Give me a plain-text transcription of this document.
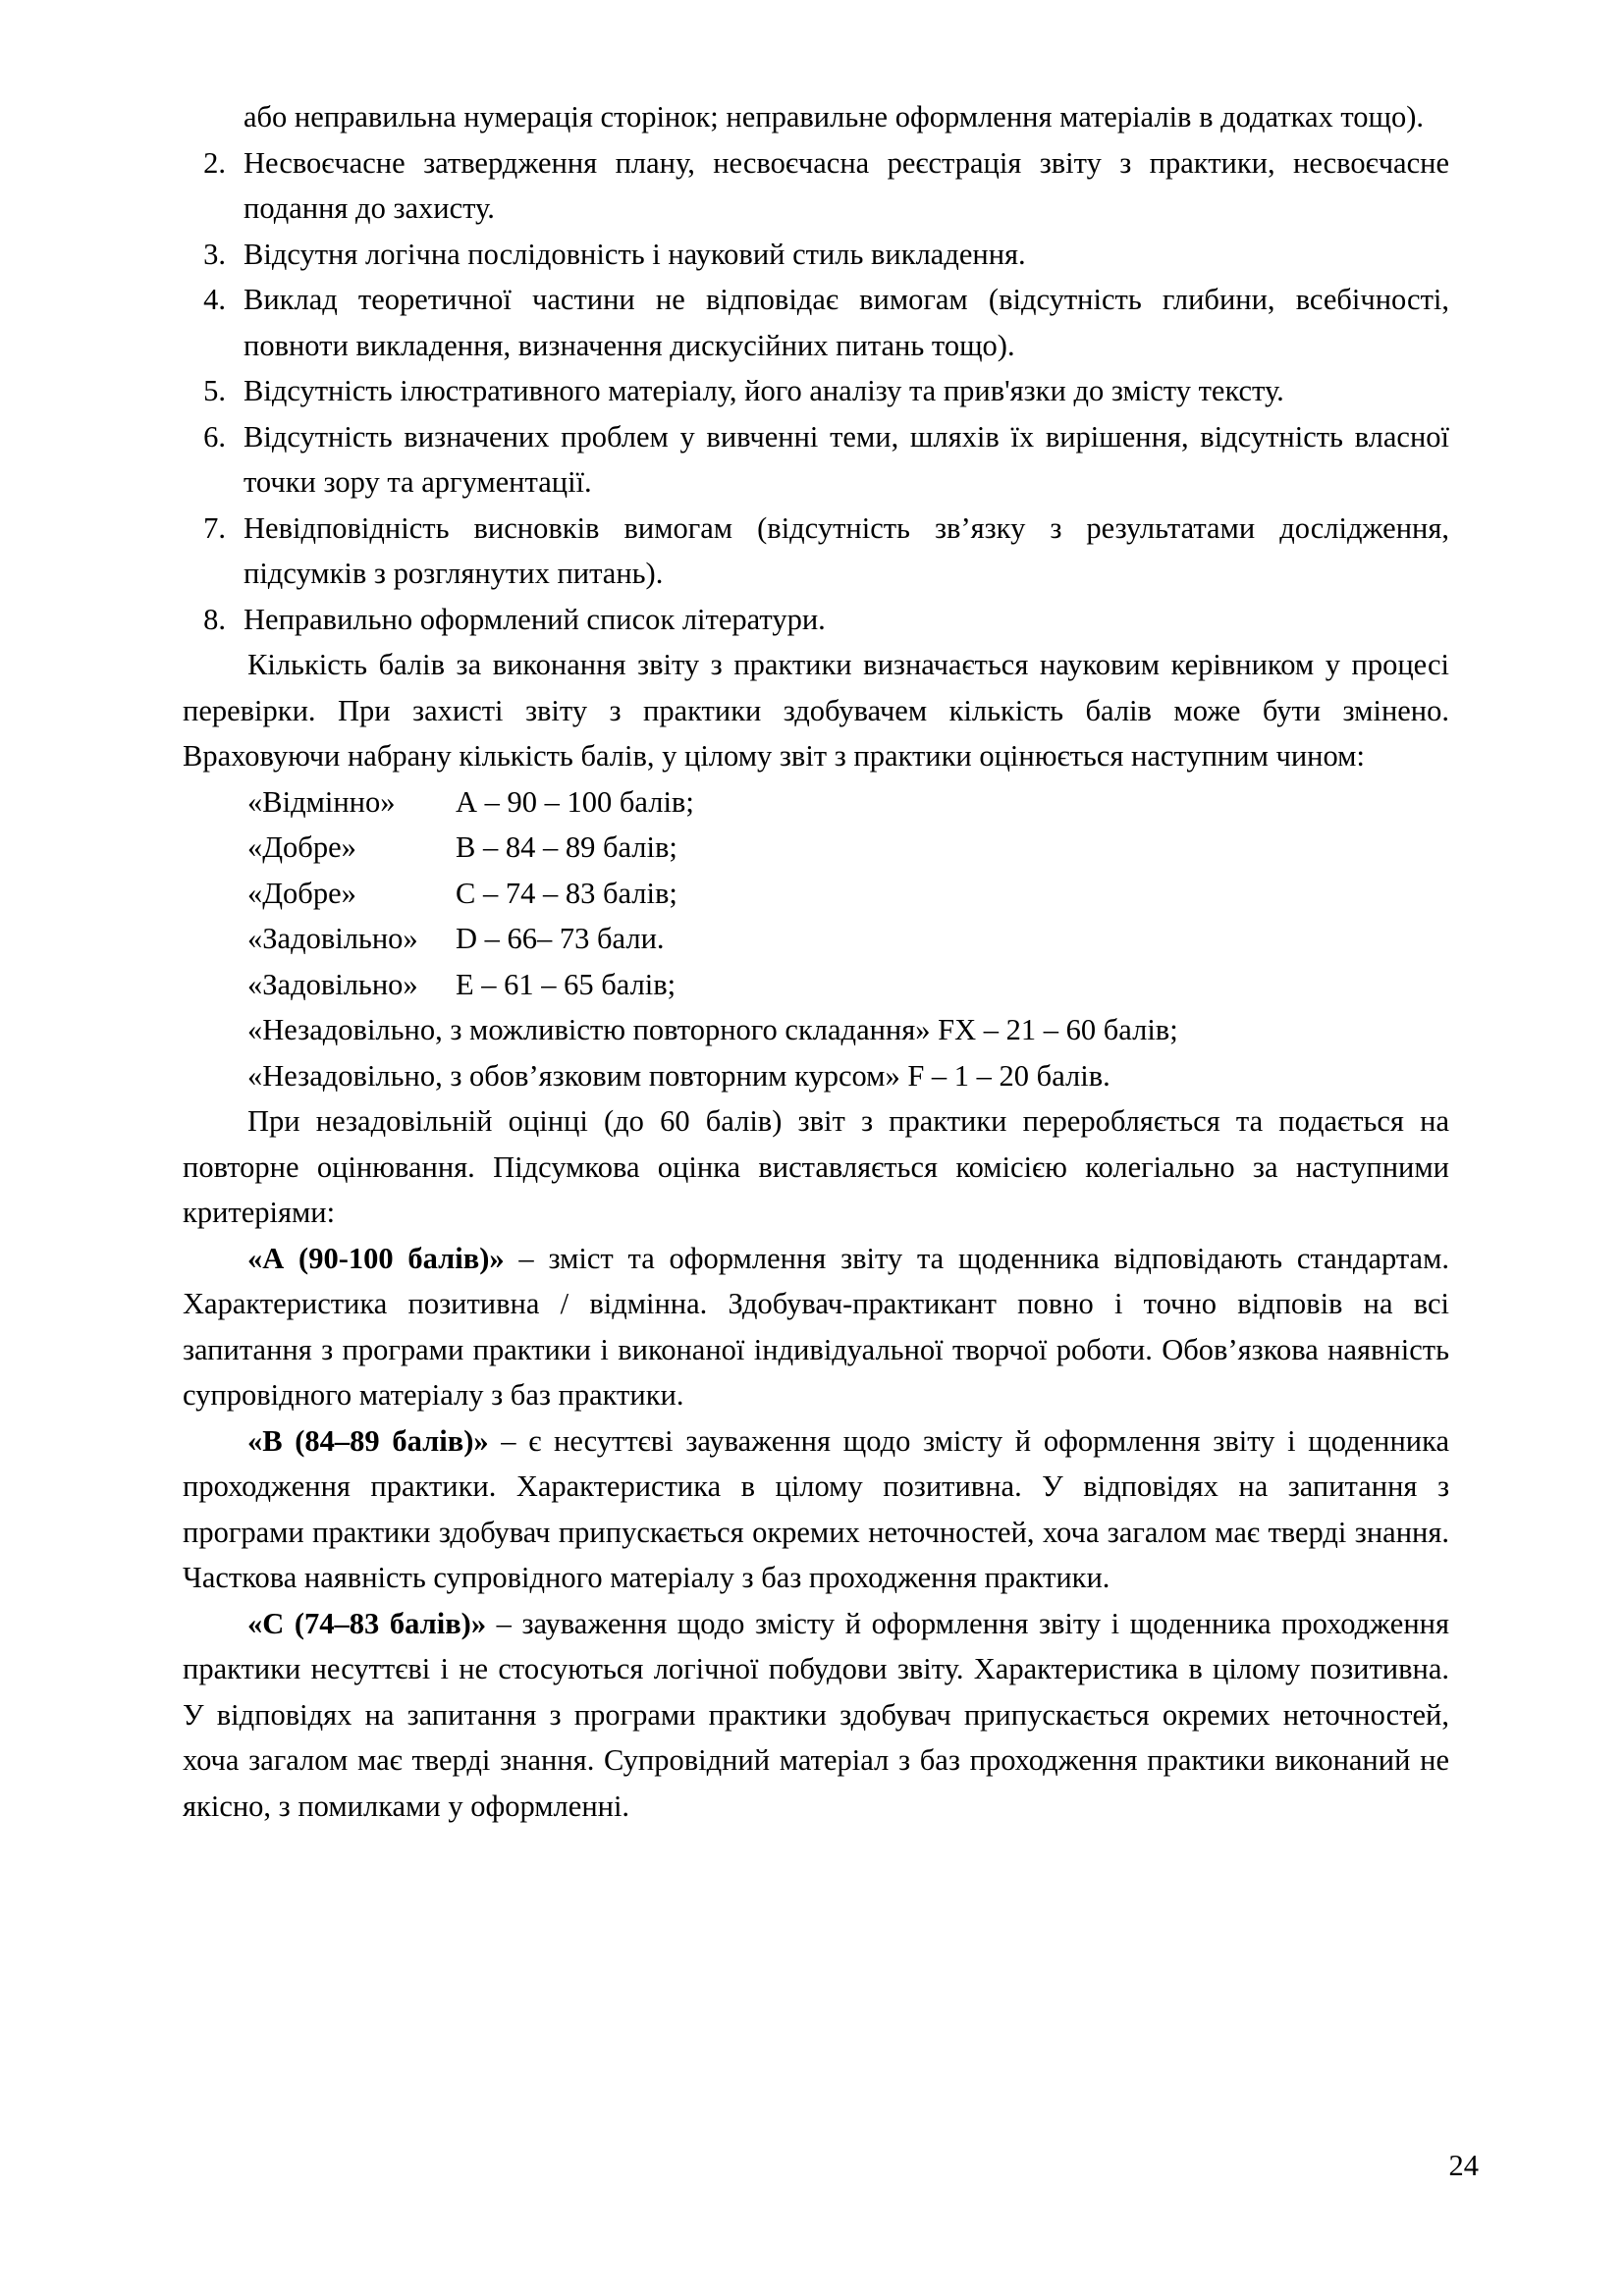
або неправильна нумерація сторінок; неправильне оформлення матеріалів в додатках тощо).
2. Несвоєчасне затвердження плану, несвоєчасна реєстрація звіту з практики, несвоєчасне подання до захисту.
3. Відсутня логічна послідовність і науковий стиль викладення.
4. Виклад теоретичної частини не відповідає вимогам (відсутність глибини, всебічності, повноти викладення, визначення дискусійних питань тощо).
5. Відсутність ілюстративного матеріалу, його аналізу та прив'язки до змісту тексту.
6. Відсутність визначених проблем у вивченні теми, шляхів їх вирішення, відсутність власної точки зору та аргументації.
7. Невідповідність висновків вимогам (відсутність зв’язку з результатами дослідження, підсумків з розглянутих питань).
8. Неправильно оформлений список літератури.

Кількість балів за виконання звіту з практики визначається науковим керівником у процесі перевірки. При захисті звіту з практики здобувачем кількість балів може бути змінено. Враховуючи набрану кількість балів, у цілому звіт з практики оцінюється наступним чином:

«Відмінно» А – 90 – 100 балів;
«Добре»	В – 84 – 89 балів;
«Добре»	С – 74 – 83 балів;
«Задовільно» D – 66– 73 бали.
«Задовільно» Е – 61 – 65 балів;
«Незадовільно, з можливістю повторного складання» FX – 21 – 60 балів;
«Незадовільно, з обов’язковим повторним курсом» F – 1 – 20 балів.

При незадовільній оцінці (до 60 балів) звіт з практики переробляється та подається на повторне оцінювання. Підсумкова оцінка виставляється комісією колегіально за наступними критеріями:

«А (90-100 балів)» – зміст та оформлення звіту та щоденника відповідають стандартам. Характеристика позитивна / відмінна. Здобувач-практикант повно і точно відповів на всі запитання з програми практики і виконаної індивідуальної творчої роботи. Обов’язкова наявність супровідного матеріалу з баз практики.

«В (84–89 балів)» – є несуттєві зауваження щодо змісту й оформлення звіту і щоденника проходження практики. Характеристика в цілому позитивна. У відповідях на запитання з програми практики здобувач припускається окремих неточностей, хоча загалом має тверді знання. Часткова наявність супровідного матеріалу з баз проходження практики.

«С (74–83 балів)» – зауваження щодо змісту й оформлення звіту і щоденника проходження практики несуттєві і не стосуються логічної побудови звіту. Характеристика в цілому позитивна. У відповідях на запитання з програми практики здобувач припускається окремих неточностей, хоча загалом має тверді знання. Супровідний матеріал з баз проходження практики виконаний не якісно, з помилками у оформленні.

24
